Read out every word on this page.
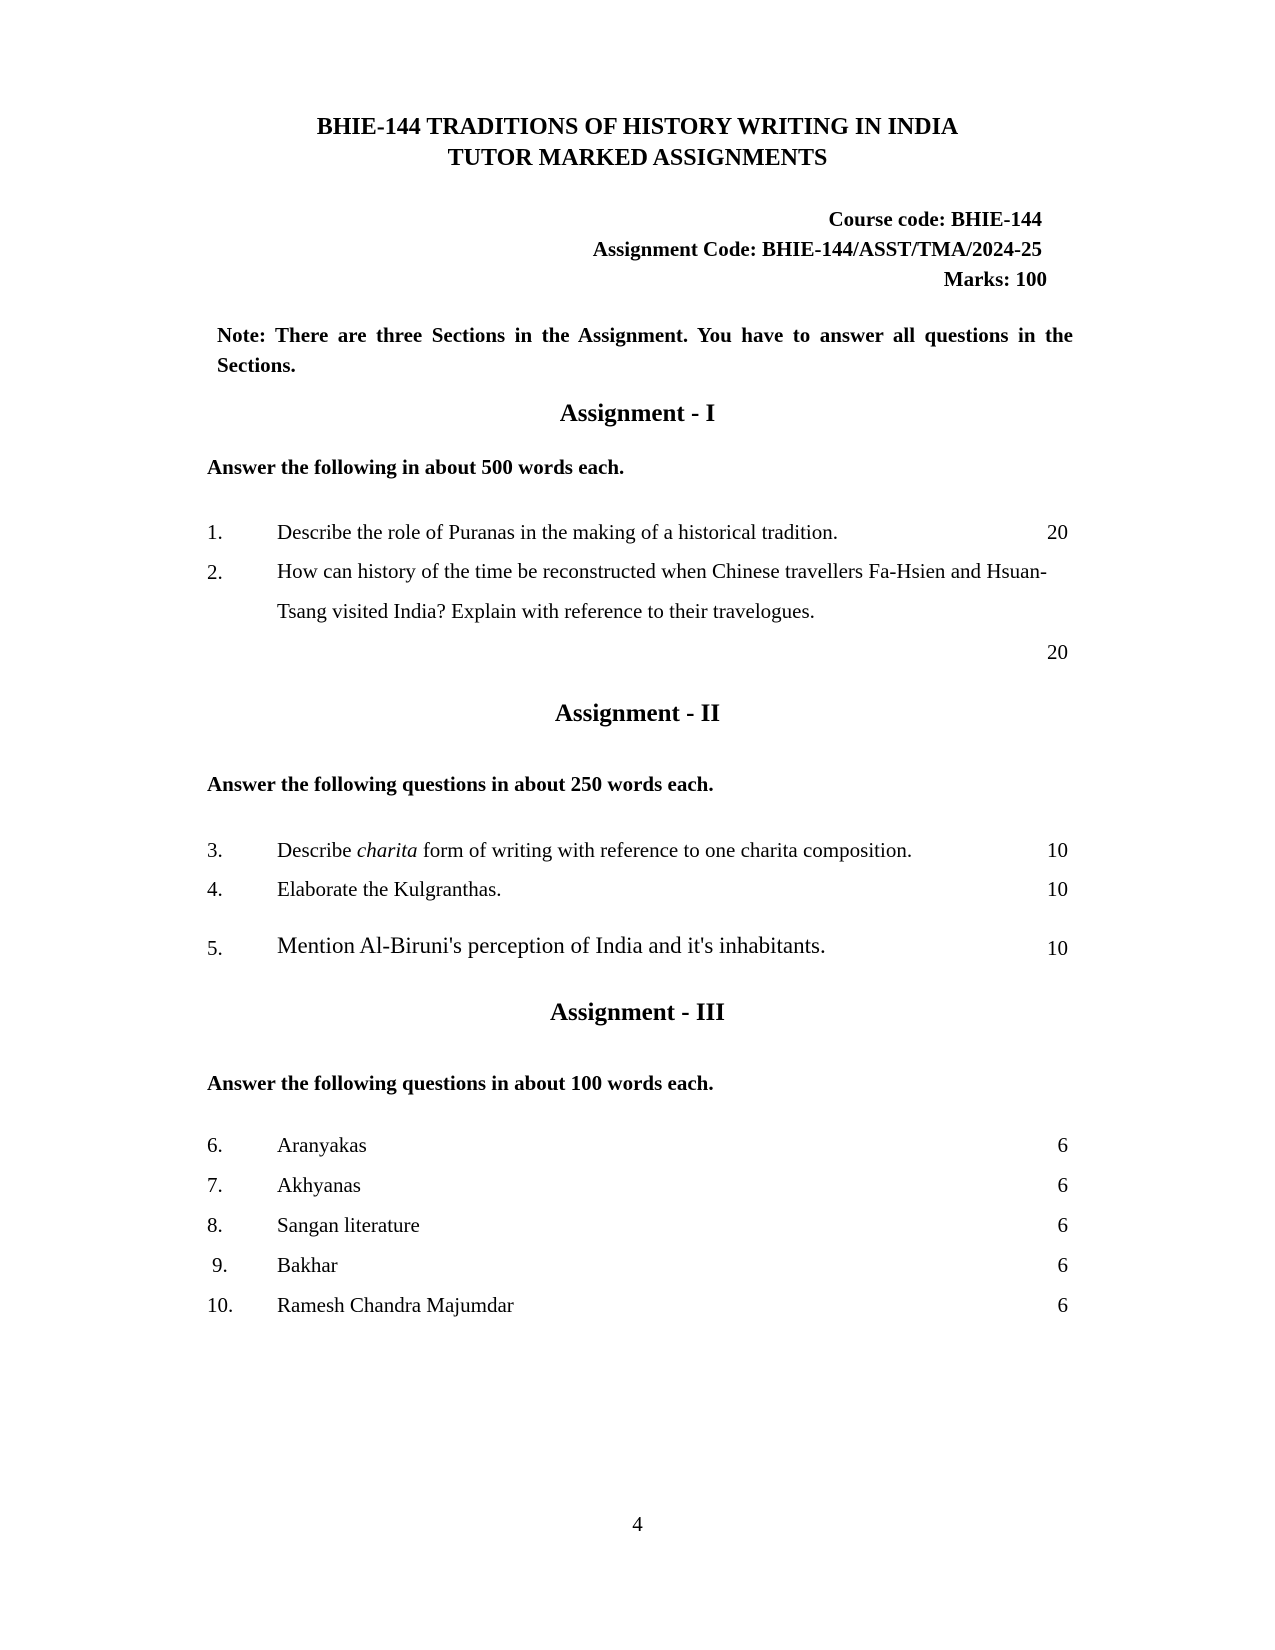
BHIE-144 TRADITIONS OF HISTORY WRITING IN INDIA
TUTOR MARKED ASSIGNMENTS
Course code: BHIE-144
Assignment Code: BHIE-144/ASST/TMA/2024-25
Marks: 100
Note: There are three Sections in the Assignment. You have to answer all questions in the Sections.
Assignment - I
Answer the following in about 500 words each.
1.	Describe the role of Puranas in the making of a historical tradition.	20
2.	How can history of the time be reconstructed when Chinese travellers Fa-Hsien and Hsuan-Tsang visited India? Explain with reference to their travelogues.
20
Assignment - II
Answer the following questions in about 250 words each.
3.	Describe charita form of writing with reference to one charita composition.	10
4.	Elaborate the Kulgranthas.	10
5. Mention Al-Biruni's perception of India and it's inhabitants.	10
Assignment - III
Answer the following questions in about 100 words each.
6.	Aranyakas	6
7.	Akhyanas	6
8.	Sangan literature	6
9. Bakhar	6
10. Ramesh Chandra Majumdar	6
4
